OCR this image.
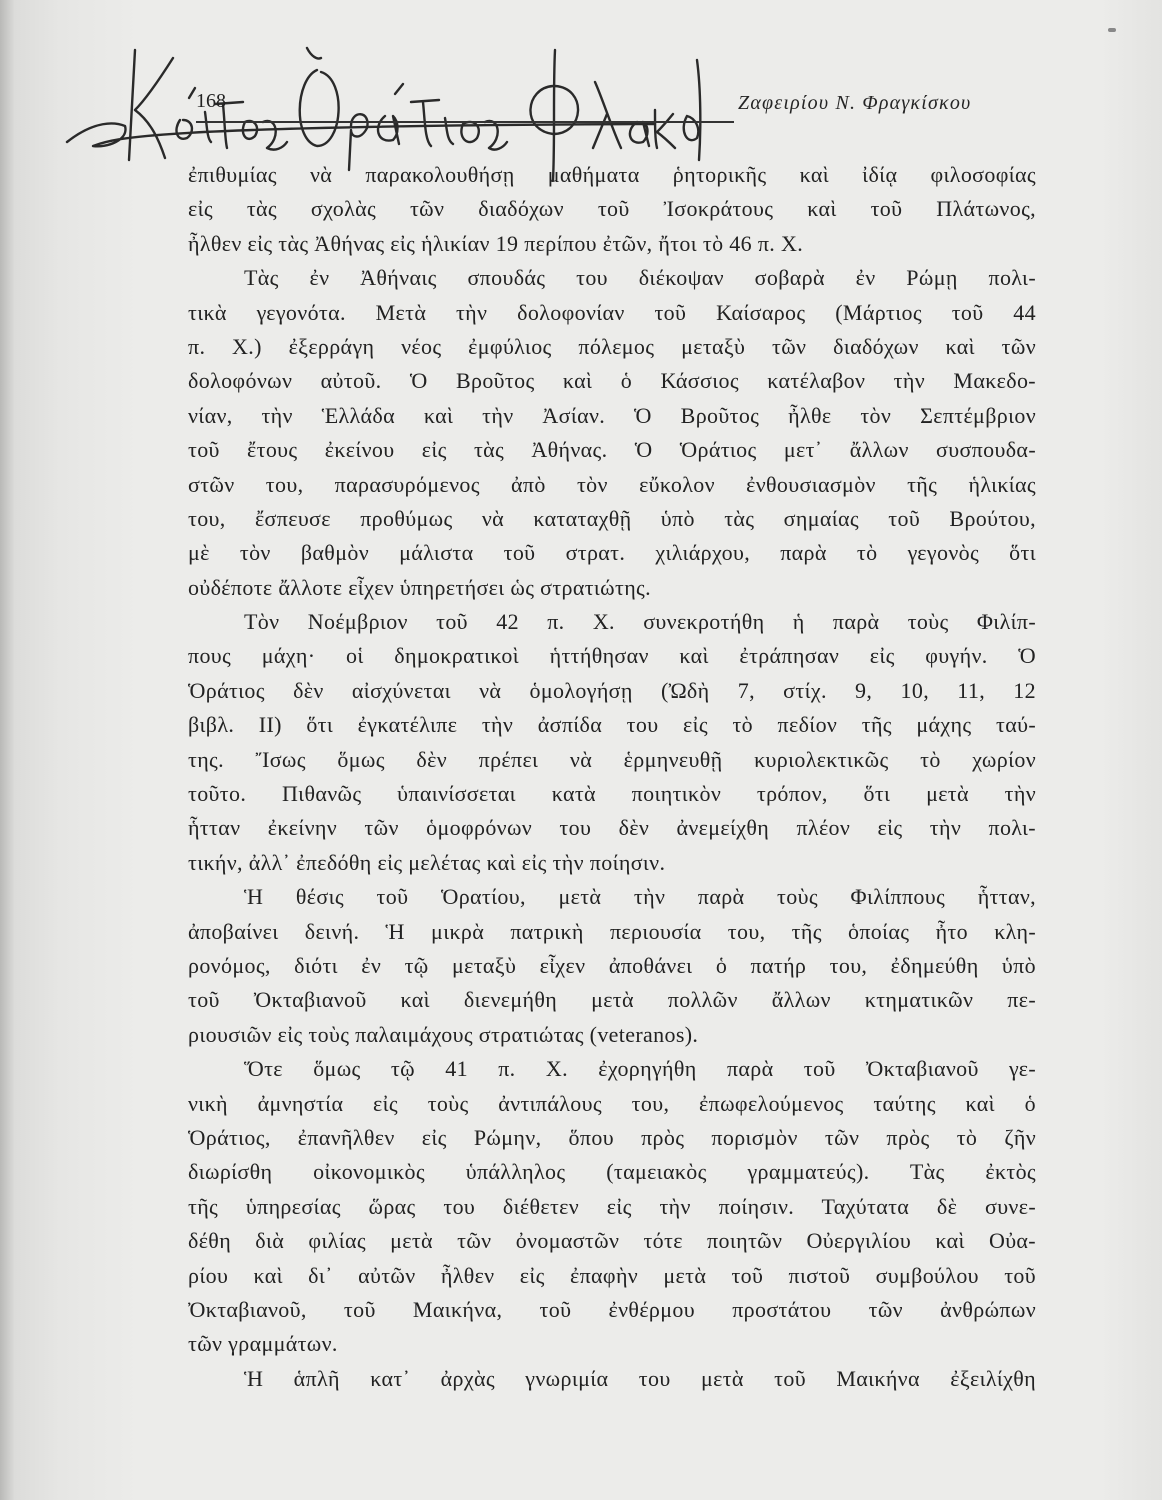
168	Ζαφειρίου Ν. Φραγκίσκου
ἐπιθυμίας νὰ παρακολουθήσῃ μαθήματα ῥητορικῆς καὶ ἰδίᾳ φιλοσοφίας
εἰς τὰς σχολὰς τῶν διαδόχων τοῦ Ἰσοκράτους καὶ τοῦ Πλάτωνος,
ἦλθεν εἰς τὰς Ἀθήνας εἰς ἡλικίαν 19 περίπου ἐτῶν, ἤτοι τὸ 46 π. Χ.
Τὰς ἐν Ἀθήναις σπουδάς του διέκοψαν σοβαρὰ ἐν Ρώμῃ πολι-
τικὰ γεγονότα. Μετὰ τὴν δολοφονίαν τοῦ Καίσαρος (Μάρτιος τοῦ 44
π. Χ.) ἐξερράγη νέος ἐμφύλιος πόλεμος μεταξὺ τῶν διαδόχων καὶ τῶν
δολοφόνων αὐτοῦ. Ὁ Βροῦτος καὶ ὁ Κάσσιος κατέλαβον τὴν Μακεδο-
νίαν, τὴν Ἑλλάδα καὶ τὴν Ἀσίαν. Ὁ Βροῦτος ἦλθε τὸν Σεπτέμβριον
τοῦ ἔτους ἐκείνου εἰς τὰς Ἀθήνας. Ὁ Ὁράτιος μετ᾽ ἄλλων συσπουδα-
στῶν του, παρασυρόμενος ἀπὸ τὸν εὔκολον ἐνθουσιασμὸν τῆς ἡλικίας
του, ἔσπευσε προθύμως νὰ καταταχθῇ ὑπὸ τὰς σημαίας τοῦ Βρούτου,
μὲ τὸν βαθμὸν μάλιστα τοῦ στρατ. χιλιάρχου, παρὰ τὸ γεγονὸς ὅτι
οὐδέποτε ἄλλοτε εἶχεν ὑπηρετήσει ὡς στρατιώτης.
Τὸν Νοέμβριον τοῦ 42 π. Χ. συνεκροτήθη ἡ παρὰ τοὺς Φιλίπ-
πους μάχη· οἱ δημοκρατικοὶ ἡττήθησαν καὶ ἐτράπησαν εἰς φυγήν. Ὁ
Ὁράτιος δὲν αἰσχύνεται νὰ ὁμολογήσῃ (Ὠδὴ 7, στίχ. 9, 10, 11, 12
βιβλ. ΙΙ) ὅτι ἐγκατέλιπε τὴν ἀσπίδα του εἰς τὸ πεδίον τῆς μάχης ταύ-
της. Ἴσως ὅμως δὲν πρέπει νὰ ἑρμηνευθῇ κυριολεκτικῶς τὸ χωρίον
τοῦτο. Πιθανῶς ὑπαινίσσεται κατὰ ποιητικὸν τρόπον, ὅτι μετὰ τὴν
ἧτταν ἐκείνην τῶν ὁμοφρόνων του δὲν ἀνεμείχθη πλέον εἰς τὴν πολι-
τικήν, ἀλλ᾽ ἐπεδόθη εἰς μελέτας καὶ εἰς τὴν ποίησιν.
Ἡ θέσις τοῦ Ὁρατίου, μετὰ τὴν παρὰ τοὺς Φιλίππους ἧτταν,
ἀποβαίνει δεινή. Ἡ μικρὰ πατρικὴ περιουσία του, τῆς ὁποίας ἦτο κλη-
ρονόμος, διότι ἐν τῷ μεταξὺ εἶχεν ἀποθάνει ὁ πατήρ του, ἐδημεύθη ὑπὸ
τοῦ Ὀκταβιανοῦ καὶ διενεμήθη μετὰ πολλῶν ἄλλων κτηματικῶν πε-
ριουσιῶν εἰς τοὺς παλαιμάχους στρατιώτας (veteranos).
Ὅτε ὅμως τῷ 41 π. Χ. ἐχορηγήθη παρὰ τοῦ Ὀκταβιανοῦ γε-
νικὴ ἀμνηστία εἰς τοὺς ἀντιπάλους του, ἐπωφελούμενος ταύτης καὶ ὁ
Ὁράτιος, ἐπανῆλθεν εἰς Ρώμην, ὅπου πρὸς πορισμὸν τῶν πρὸς τὸ ζῆν
διωρίσθη οἰκονομικὸς ὑπάλληλος (ταμειακὸς γραμματεύς). Τὰς ἐκτὸς
τῆς ὑπηρεσίας ὥρας του διέθετεν εἰς τὴν ποίησιν. Ταχύτατα δὲ συνε-
δέθη διὰ φιλίας μετὰ τῶν ὀνομαστῶν τότε ποιητῶν Οὐεργιλίου καὶ Οὐα-
ρίου καὶ δι᾽ αὐτῶν ἦλθεν εἰς ἐπαφὴν μετὰ τοῦ πιστοῦ συμβούλου τοῦ
Ὀκταβιανοῦ, τοῦ Μαικήνα, τοῦ ἐνθέρμου προστάτου τῶν ἀνθρώπων
τῶν γραμμάτων.
Ἡ ἁπλῆ κατ᾽ ἀρχὰς γνωριμία του μετὰ τοῦ Μαικήνα ἐξειλίχθη
